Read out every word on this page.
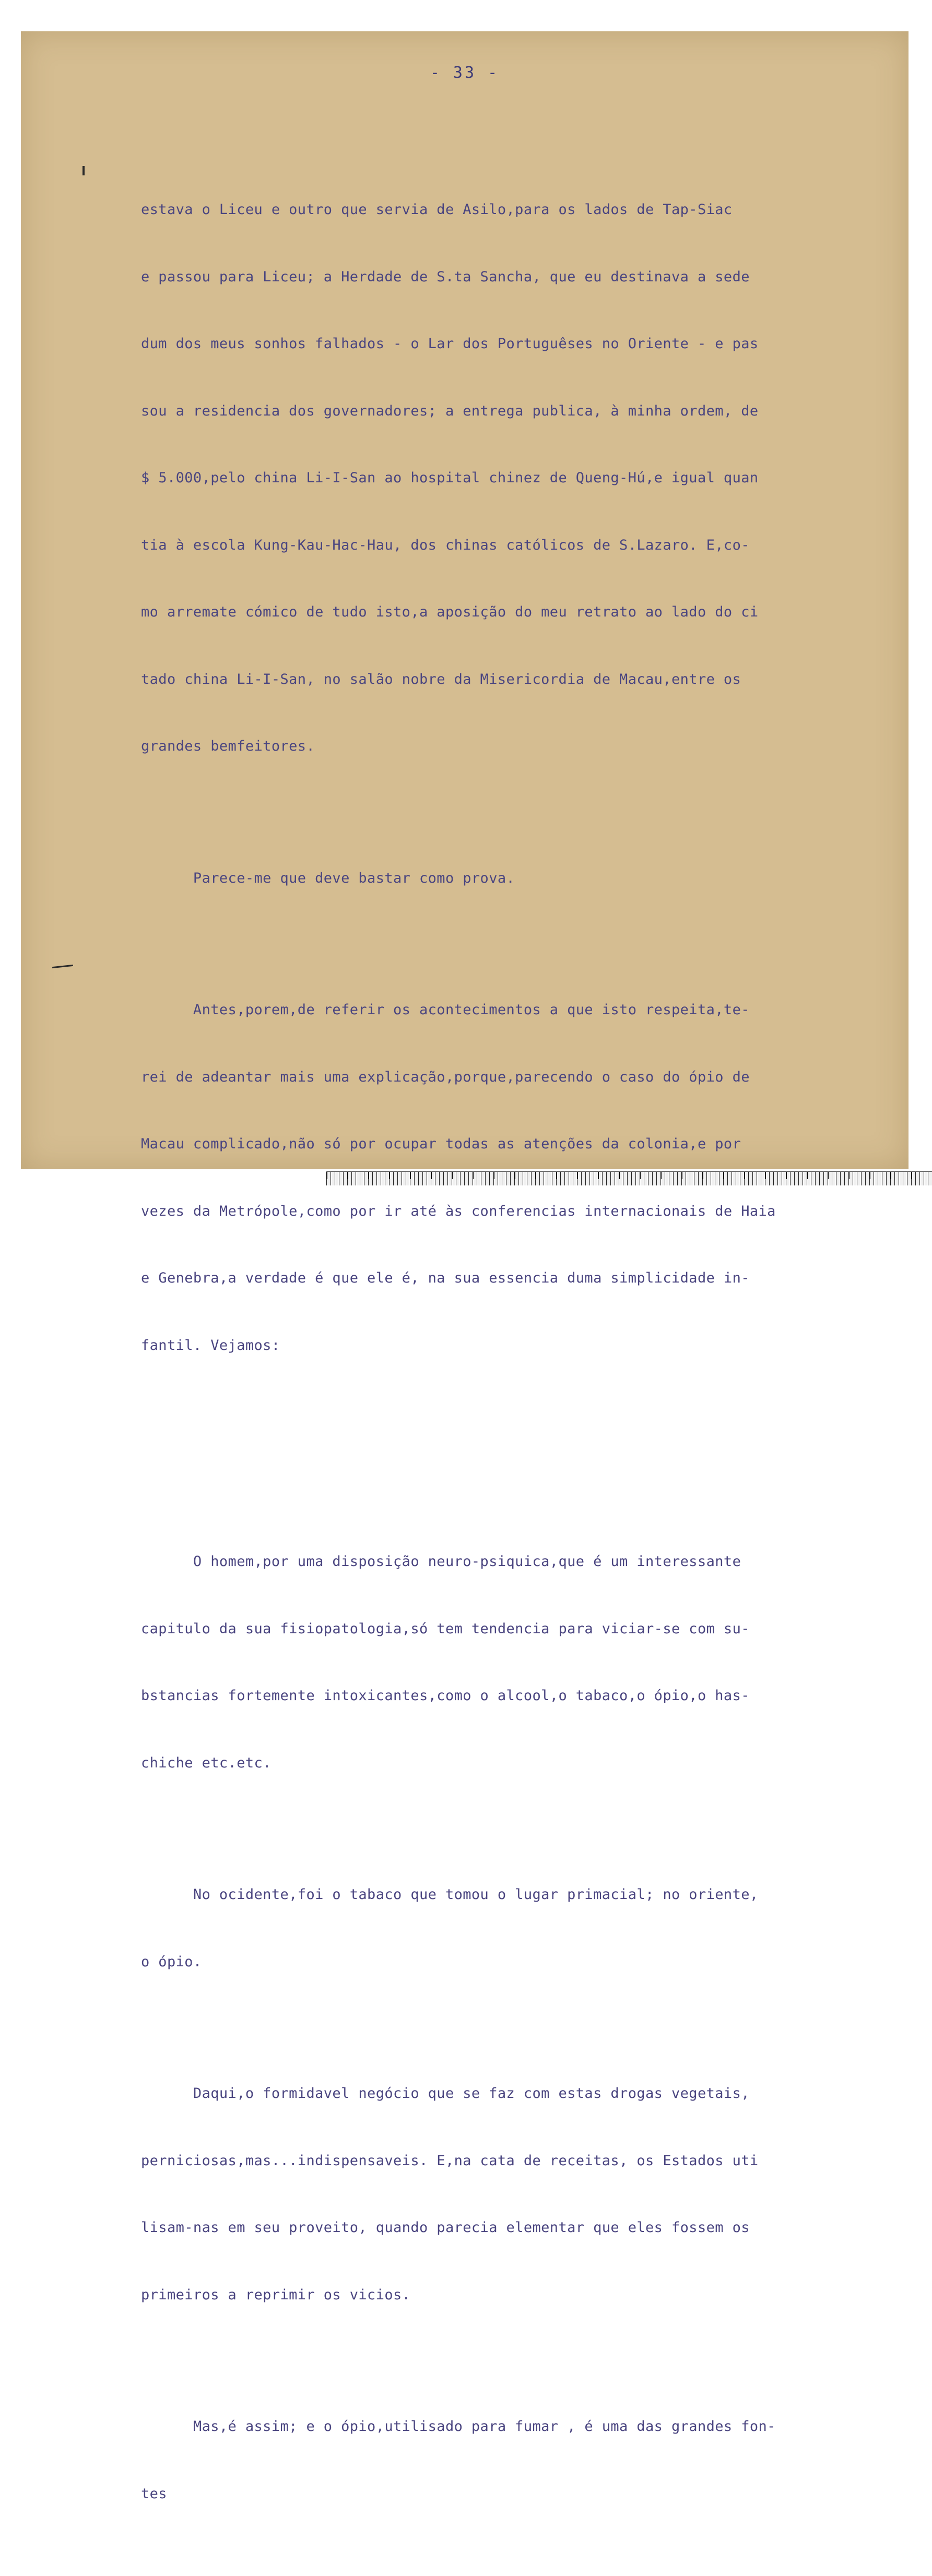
- 33 -

estava o Liceu e outro que servia de Asilo,para os lados de Tap-Siac

e passou para Liceu; a Herdade de S.ta Sancha, que eu destinava a sede

dum dos meus sonhos falhados - o Lar dos Portuguêses no Oriente - e pas

sou a residencia dos governadores; a entrega publica, à minha ordem, de

$ 5.000,pelo china Li-I-San ao hospital chinez de Queng-Hú,e igual quan

tia à escola Kung-Kau-Hac-Hau, dos chinas católicos de S.Lazaro. E,co-

mo arremate cómico de tudo isto,a aposição do meu retrato ao lado do ci

tado china Li-I-San, no salão nobre da Misericordia de Macau,entre os

grandes bemfeitores.

Parece-me que deve bastar como prova.

Antes,porem,de referir os acontecimentos a que isto respeita,te-

rei de adeantar mais uma explicação,porque,parecendo o caso do ópio de

Macau complicado,não só por ocupar todas as atenções da colonia,e por

vezes da Metrópole,como por ir até às conferencias internacionais de Haia

e Genebra,a verdade é que ele é, na sua essencia duma simplicidade in-

fantil. Vejamos:

O homem,por uma disposição neuro-psiquica,que é um interessante

capitulo da sua fisiopatologia,só tem tendencia para viciar-se com su-

bstancias fortemente intoxicantes,como o alcool,o tabaco,o ópio,o has-

chiche etc.etc.

No ocidente,foi o tabaco que tomou o lugar primacial; no oriente,

o ópio.

Daqui,o formidavel negócio que se faz com estas drogas vegetais,

perniciosas,mas...indispensaveis. E,na cata de receitas, os Estados uti

lisam-nas em seu proveito, quando parecia elementar que eles fossem os

primeiros a reprimir os vicios.

Mas,é assim; e o ópio,utilisado para fumar , é uma das grandes fon-

tes
